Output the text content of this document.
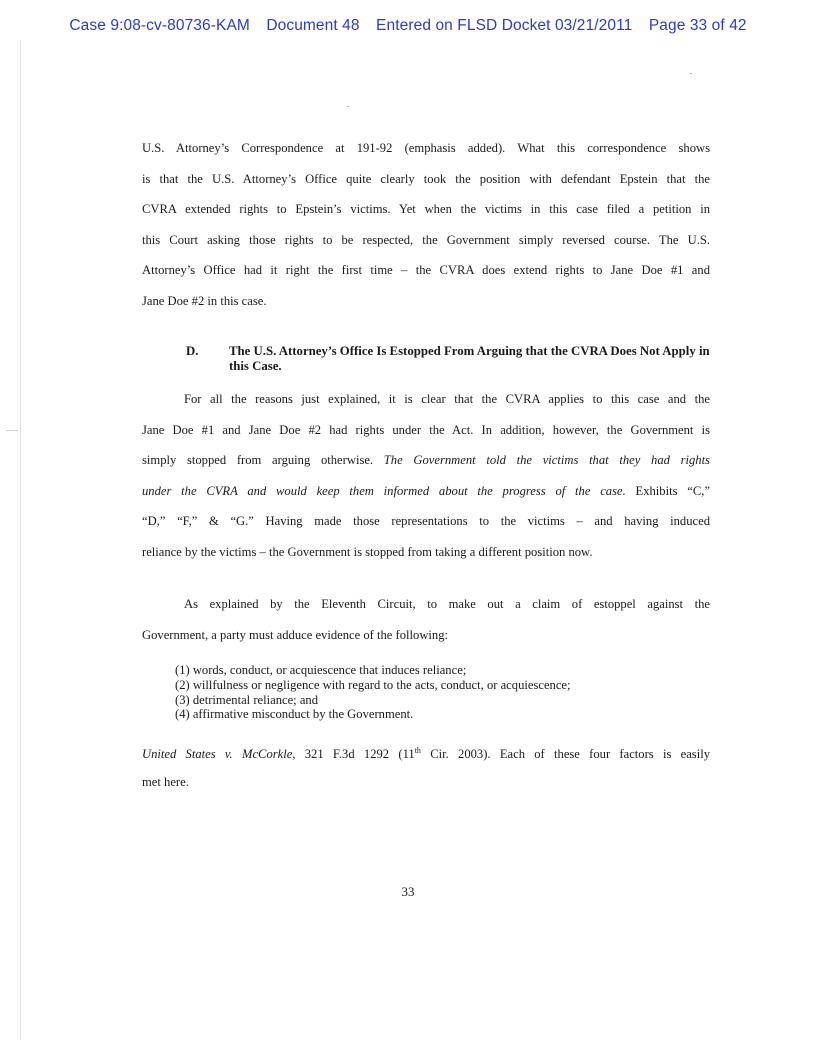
Case 9:08-cv-80736-KAM Document 48 Entered on FLSD Docket 03/21/2011 Page 33 of 42
U.S. Attorney’s Correspondence at 191-92 (emphasis added). What this correspondence shows
is that the U.S. Attorney’s Office quite clearly took the position with defendant Epstein that the
CVRA extended rights to Epstein’s victims. Yet when the victims in this case filed a petition in
this Court asking those rights to be respected, the Government simply reversed course. The U.S.
Attorney’s Office had it right the first time – the CVRA does extend rights to Jane Doe #1 and
Jane Doe #2 in this case.
D. The U.S. Attorney’s Office Is Estopped From Arguing that the CVRA Does Not Apply in this Case.
For all the reasons just explained, it is clear that the CVRA applies to this case and the
Jane Doe #1 and Jane Doe #2 had rights under the Act. In addition, however, the Government is
simply stopped from arguing otherwise. The Government told the victims that they had rights
under the CVRA and would keep them informed about the progress of the case. Exhibits “C,”
“D,” “F,” & “G.” Having made those representations to the victims – and having induced
reliance by the victims – the Government is stopped from taking a different position now.
As explained by the Eleventh Circuit, to make out a claim of estoppel against the
Government, a party must adduce evidence of the following:
(1) words, conduct, or acquiescence that induces reliance;
(2) willfulness or negligence with regard to the acts, conduct, or acquiescence;
(3) detrimental reliance; and
(4) affirmative misconduct by the Government.
United States v. McCorkle, 321 F.3d 1292 (11th Cir. 2003). Each of these four factors is easily
met here.
33
